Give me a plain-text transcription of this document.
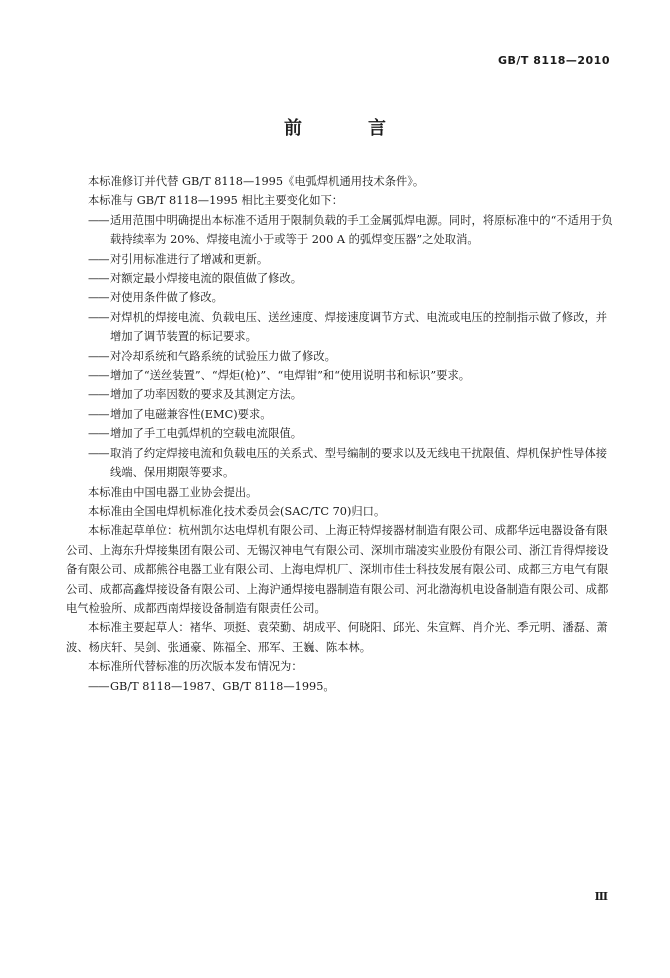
GB/T 8118—2010
前　言

本标准修订并代替 GB/T 8118—1995《电弧焊机通用技术条件》。

本标准与 GB/T 8118—1995 相比主要变化如下：

—— 适用范围中明确提出本标准不适用于限制负载的手工金属弧焊电源。同时，将原标准中的“不适用于负载持续率为 20%、焊接电流小于或等于 200 A 的弧焊变压器”之处取消。

—— 对引用标准进行了增减和更新。

—— 对额定最小焊接电流的限值做了修改。

—— 对使用条件做了修改。

—— 对焊机的焊接电流、负载电压、送丝速度、焊接速度调节方式、电流或电压的控制指示做了修改，并增加了调节装置的标记要求。

—— 对冷却系统和气路系统的试验压力做了修改。

—— 增加了“送丝装置”、“焊炬(枪)”、“电焊钳”和“使用说明书和标识”要求。

—— 增加了功率因数的要求及其测定方法。

—— 增加了电磁兼容性(EMC)要求。

—— 增加了手工电弧焊机的空载电流限值。

—— 取消了约定焊接电流和负载电压的关系式、型号编制的要求以及无线电干扰限值、焊机保护性导体接线端、保用期限等要求。

本标准由中国电器工业协会提出。

本标准由全国电焊机标准化技术委员会(SAC/TC 70)归口。

本标准起草单位：杭州凯尔达电焊机有限公司、上海正特焊接器材制造有限公司、成都华远电器设备有限公司、上海东升焊接集团有限公司、无锡汉神电气有限公司、深圳市瑞凌实业股份有限公司、浙江肯得焊接设备有限公司、成都熊谷电器工业有限公司、上海电焊机厂、深圳市佳士科技发展有限公司、成都三方电气有限公司、成都高鑫焊接设备有限公司、上海沪通焊接电器制造有限公司、河北渤海机电设备制造有限公司、成都电气检验所、成都西南焊接设备制造有限责任公司。

本标准主要起草人：褚华、项挺、袁荣勤、胡成平、何晓阳、邱光、朱宣辉、肖介光、季元明、潘磊、萧波、杨庆轩、吴剑、张通豪、陈福全、邢军、王巍、陈本林。

本标准所代替标准的历次版本发布情况为：

—— GB/T 8118—1987、GB/T 8118—1995。

Ⅲ
